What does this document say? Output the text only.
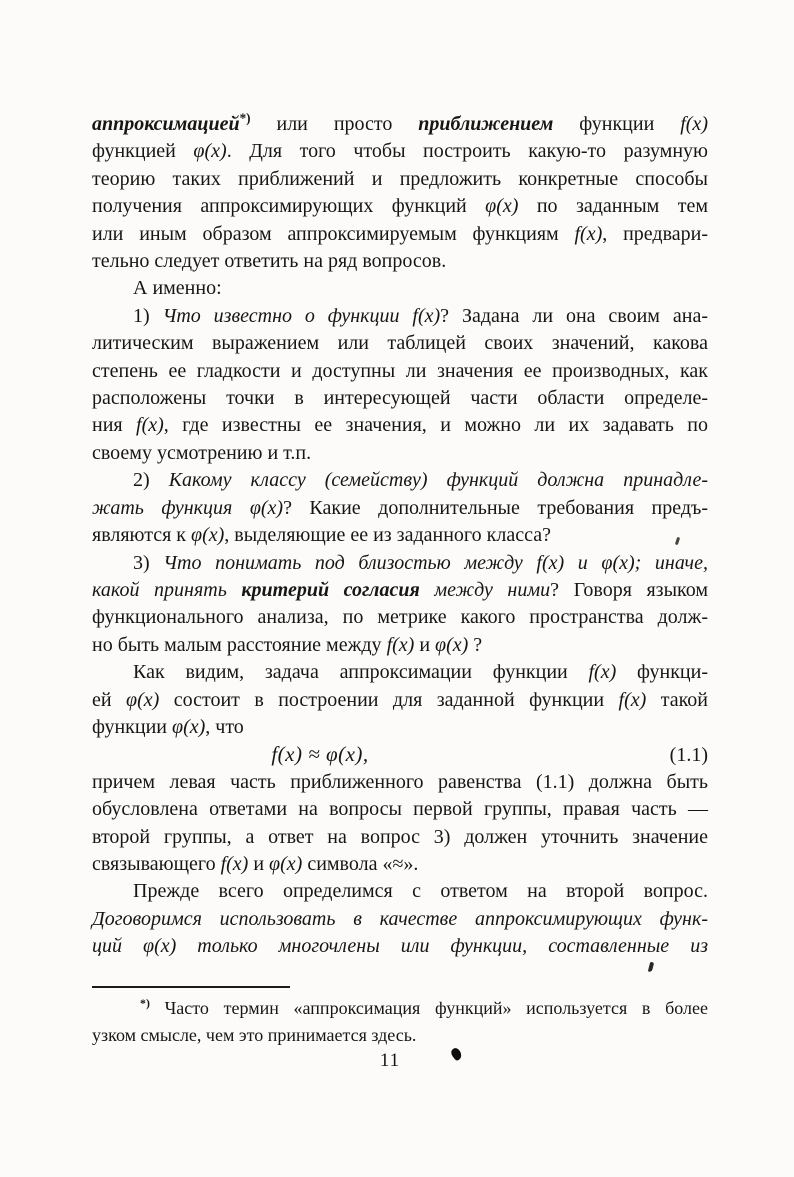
аппроксимацией*) или просто приближением функции f(x)
функцией φ(x). Для того чтобы построить какую-то разумную
теорию таких приближений и предложить конкретные способы
получения аппроксимирующих функций φ(x) по заданным тем
или иным образом аппроксимируемым функциям f(x), предвари-
тельно следует ответить на ряд вопросов.
А именно:
1) Что известно о функции f(x)? Задана ли она своим ана-
литическим выражением или таблицей своих значений, какова
степень ее гладкости и доступны ли значения ее производных, как
расположены точки в интересующей части области определе-
ния f(x), где известны ее значения, и можно ли их задавать по
своему усмотрению и т.п.
2) Какому классу (семейству) функций должна принадле-
жать функция φ(x)? Какие дополнительные требования предъ-
являются к φ(x), выделяющие ее из заданного класса?
3) Что понимать под близостью между f(x) и φ(x); иначе,
какой принять критерий согласия между ними? Говоря языком
функционального анализа, по метрике какого пространства долж-
но быть малым расстояние между f(x) и φ(x) ?
Как видим, задача аппроксимации функции f(x) функци-
ей φ(x) состоит в построении для заданной функции f(x) такой
функции φ(x), что
f(x) ≈ φ(x),	(1.1)
причем левая часть приближенного равенства (1.1) должна быть
обусловлена ответами на вопросы первой группы, правая часть —
второй группы, а ответ на вопрос 3) должен уточнить значение
связывающего f(x) и φ(x) символа «≈».
Прежде всего определимся с ответом на второй вопрос.
Договоримся использовать в качестве аппроксимирующих функ-
ций φ(x) только многочлены или функции, составленные из
*) Часто термин «аппроксимация функций» используется в более
узком смысле, чем это принимается здесь.
11
